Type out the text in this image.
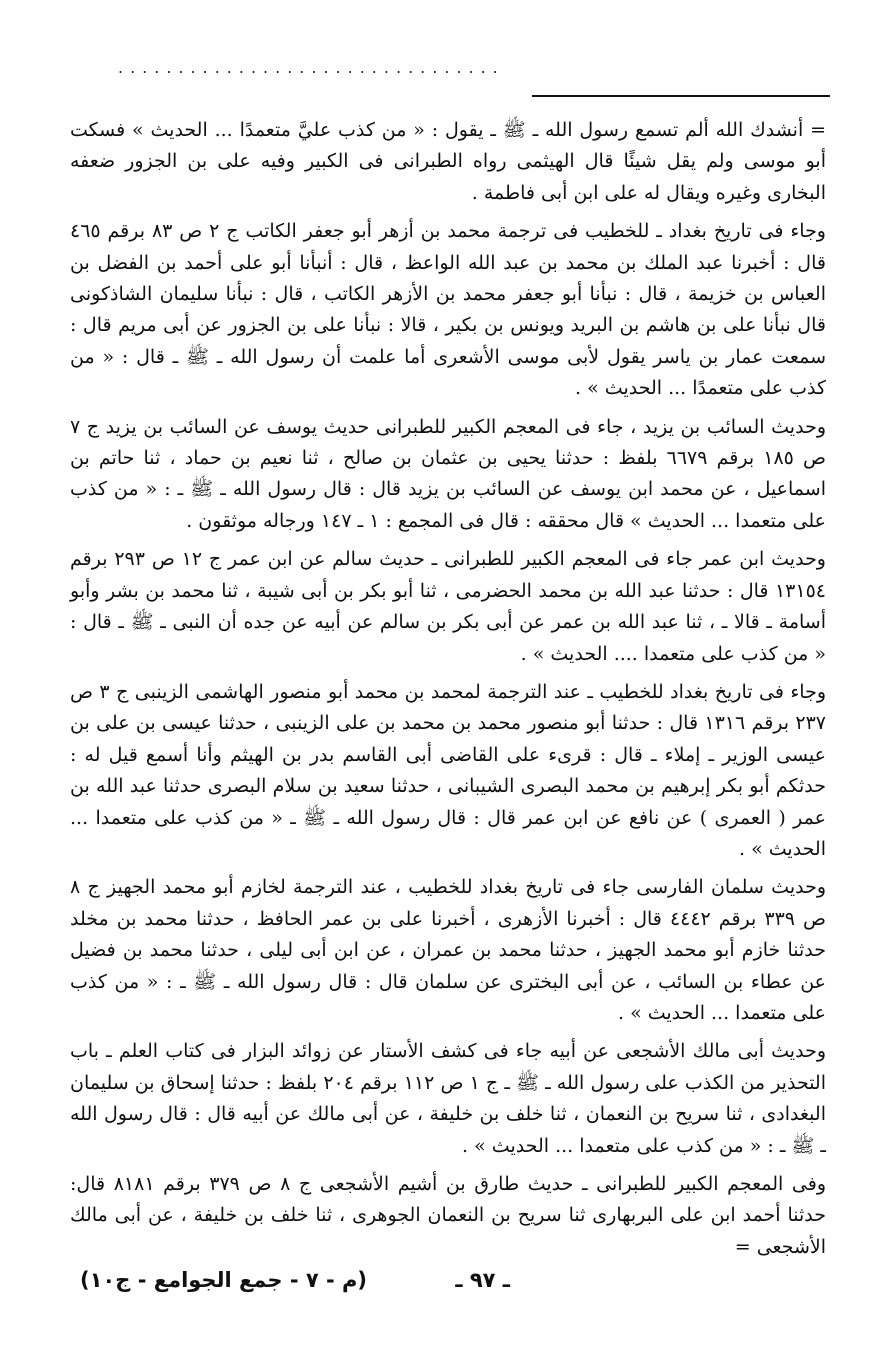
................................

= أنشدك الله ألم تسمع رسول الله ـ ﷺ ـ يقول : « من كذب عليَّ متعمدًا ... الحديث » فسكت أبو موسى ولم يقل شيئًا قال الهيثمى رواه الطبرانى فى الكبير وفيه على بن الجزور ضعفه البخارى وغيره ويقال له على ابن أبى فاطمة .

وجاء فى تاريخ بغداد ـ للخطيب فى ترجمة محمد بن أزهر أبو جعفر الكاتب ج ٢ ص ٨٣ برقم ٤٦٥ قال : أخبرنا عبد الملك بن محمد بن عبد الله الواعظ ، قال : أنبأنا أبو على أحمد بن الفضل بن العباس بن خزيمة ، قال : نبأنا أبو جعفر محمد بن الأزهر الكاتب ، قال : نبأنا سليمان الشاذكونى قال نبأنا على بن هاشم بن البريد ويونس بن بكير ، قالا : نبأنا على بن الجزور عن أبى مريم قال : سمعت عمار بن ياسر يقول لأبى موسى الأشعرى أما علمت أن رسول الله ـ ﷺ ـ قال : « من كذب على متعمدًا ... الحديث » .

وحديث السائب بن يزيد ، جاء فى المعجم الكبير للطبرانى حديث يوسف عن السائب بن يزيد ج ٧ ص ١٨٥ برقم ٦٦٧٩ بلفظ : حدثنا يحيى بن عثمان بن صالح ، ثنا نعيم بن حماد ، ثنا حاتم بن اسماعيل ، عن محمد ابن يوسف عن السائب بن يزيد قال : قال رسول الله ـ ﷺ ـ : « من كذب على متعمدا ... الحديث » قال محققه : قال فى المجمع : ١ ـ ١٤٧ ورجاله موثقون .

وحديث ابن عمر جاء فى المعجم الكبير للطبرانى ـ حديث سالم عن ابن عمر ج ١٢ ص ٢٩٣ برقم ١٣١٥٤ قال : حدثنا عبد الله بن محمد الحضرمى ، ثنا أبو بكر بن أبى شيبة ، ثنا محمد بن بشر وأبو أسامة ـ قالا ـ ، ثنا عبد الله بن عمر عن أبى بكر بن سالم عن أبيه عن جده أن النبى ـ ﷺ ـ قال : « من كذب على متعمدا .... الحديث » .

وجاء فى تاريخ بغداد للخطيب ـ عند الترجمة لمحمد بن محمد أبو منصور الهاشمى الزينبى ج ٣ ص ٢٣٧ برقم ١٣١٦ قال : حدثنا أبو منصور محمد بن محمد بن على الزينبى ، حدثنا عيسى بن على بن عيسى الوزير ـ إملاء ـ قال : قرىء على القاضى أبى القاسم بدر بن الهيثم وأنا أسمع قيل له : حدثكم أبو بكر إبرهيم بن محمد البصرى الشيبانى ، حدثنا سعيد بن سلام البصرى حدثنا عبد الله بن عمر ( العمرى ) عن نافع عن ابن عمر قال : قال رسول الله ـ ﷺ ـ « من كذب على متعمدا ... الحديث » .

وحديث سلمان الفارسى جاء فى تاريخ بغداد للخطيب ، عند الترجمة لخازم أبو محمد الجهيز ج ٨ ص ٣٣٩ برقم ٤٤٤٢ قال : أخبرنا الأزهرى ، أخبرنا على بن عمر الحافظ ، حدثنا محمد بن مخلد حدثنا خازم أبو محمد الجهيز ، حدثنا محمد بن عمران ، عن ابن أبى ليلى ، حدثنا محمد بن فضيل عن عطاء بن السائب ، عن أبى البخترى عن سلمان قال : قال رسول الله ـ ﷺ ـ : « من كذب على متعمدا ... الحديث » .

وحديث أبى مالك الأشجعى عن أبيه جاء فى كشف الأستار عن زوائد البزار فى كتاب العلم ـ باب التحذير من الكذب على رسول الله ـ ﷺ ـ ج ١ ص ١١٢ برقم ٢٠٤ بلفظ : حدثنا إسحاق بن سليمان البغدادى ، ثنا سريح بن النعمان ، ثنا خلف بن خليفة ، عن أبى مالك عن أبيه قال : قال رسول الله ـ ﷺ ـ : « من كذب على متعمدا ... الحديث » .

وفى المعجم الكبير للطبرانى ـ حديث طارق بن أشيم الأشجعى ج ٨ ص ٣٧٩ برقم ٨١٨١ قال: حدثنا أحمد ابن على البربهارى ثنا سريح بن النعمان الجوهرى ، ثنا خلف بن خليفة ، عن أبى مالك الأشجعى =

ـ ٩٧ ـ
(م - ٧ - جمع الجوامع - ج١٠)
